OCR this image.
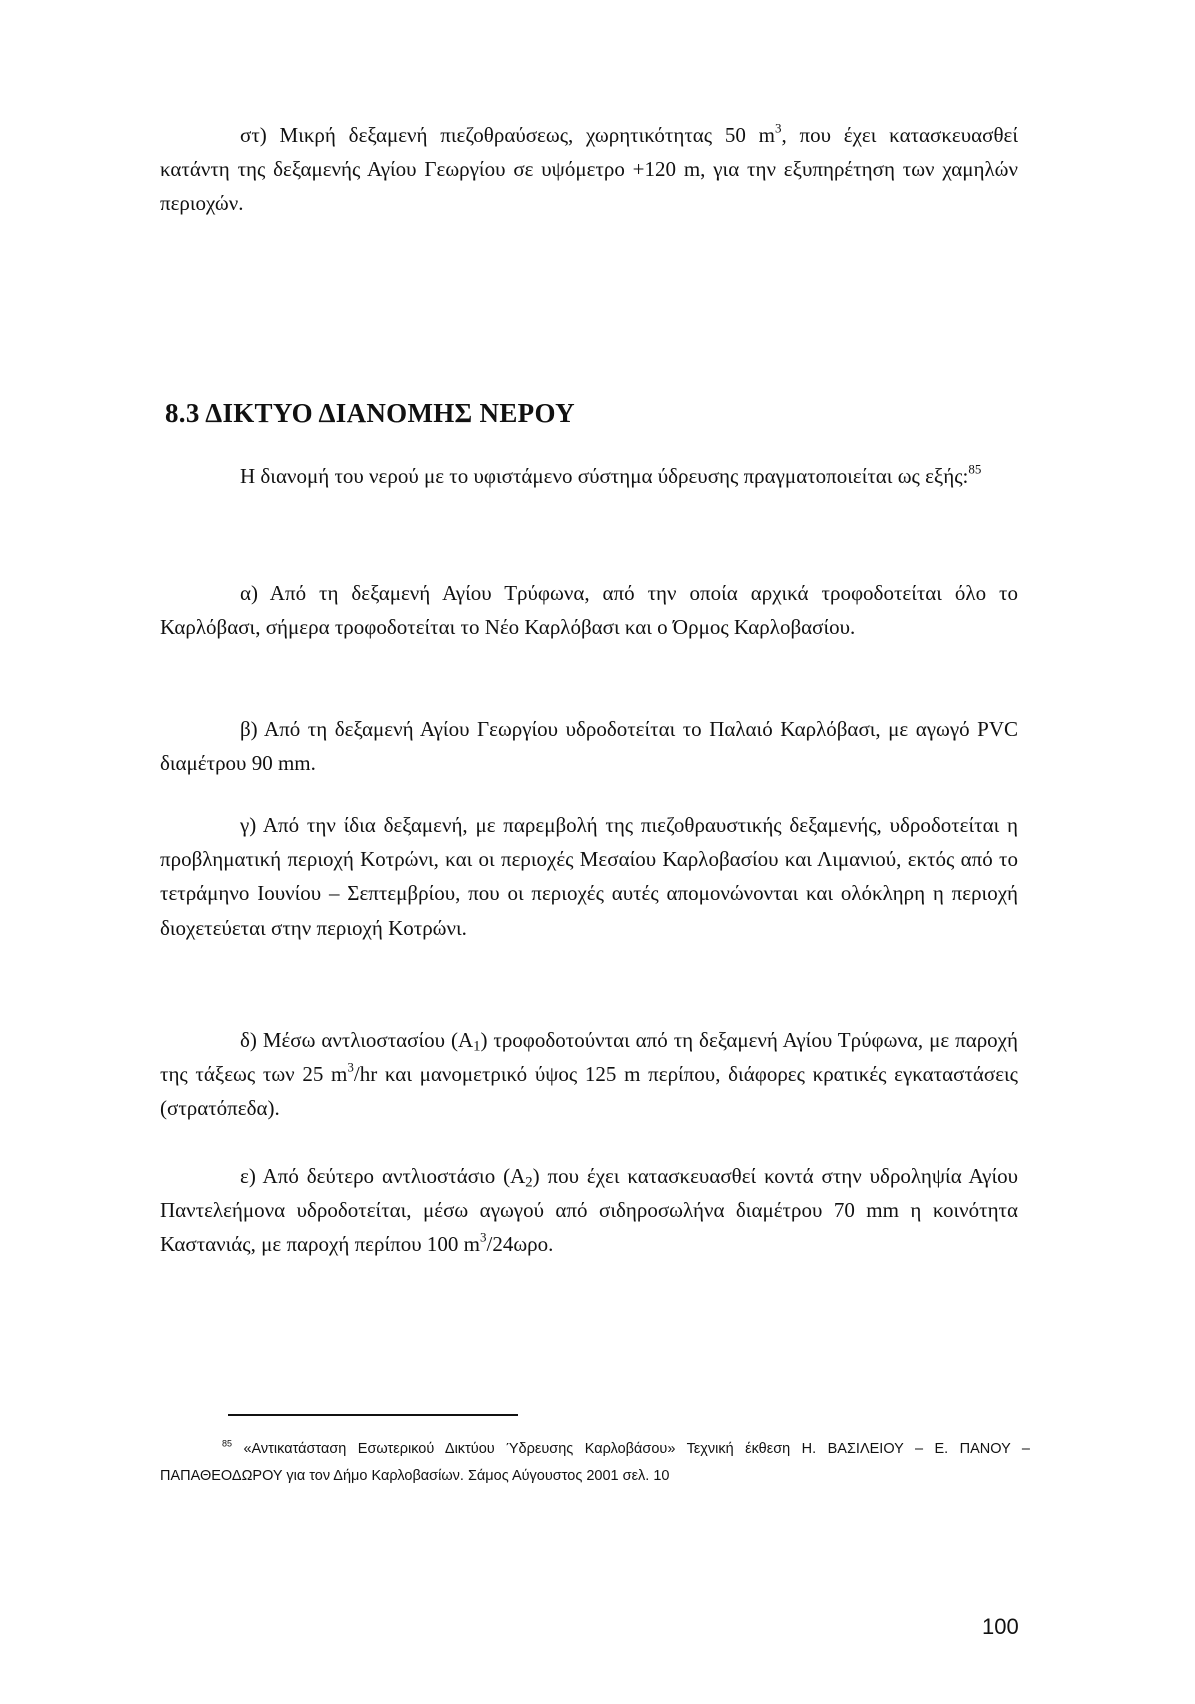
στ) Μικρή δεξαμενή πιεζοθραύσεως, χωρητικότητας 50 $m^3$, που έχει κατασκευασθεί κατάντη της δεξαμενής Αγίου Γεωργίου σε υψόμετρο +120 m, για την εξυπηρέτηση των χαμηλών περιοχών.

8.3 ΔΙΚΤΥΟ ΔΙΑΝΟΜΗΣ ΝΕΡΟΥ

Η διανομή του νερού με το υφιστάμενο σύστημα ύδρευσης πραγματοποιείται ως εξής:$^{85}$

α) Από τη δεξαμενή Αγίου Τρύφωνα, από την οποία αρχικά τροφοδοτείται όλο το Καρλόβασι, σήμερα τροφοδοτείται το Νέο Καρλόβασι και ο Όρμος Καρλοβασίου.

β) Από τη δεξαμενή Αγίου Γεωργίου υδροδοτείται το Παλαιό Καρλόβασι, με αγωγό PVC διαμέτρου 90 mm.

γ) Από την ίδια δεξαμενή, με παρεμβολή της πιεζοθραυστικής δεξαμενής, υδροδοτείται η προβληματική περιοχή Κοτρώνι, και οι περιοχές Μεσαίου Καρλοβασίου και Λιμανιού, εκτός από το τετράμηνο Ιουνίου – Σεπτεμβρίου, που οι περιοχές αυτές απομονώνονται και ολόκληρη η περιοχή διοχετεύεται στην περιοχή Κοτρώνι.

δ) Μέσω αντλιοστασίου $(A_1)$ τροφοδοτούνται από τη δεξαμενή Αγίου Τρύφωνα, με παροχή της τάξεως των 25 $m^3/hr$ και μανομετρικό ύψος 125 m περίπου, διάφορες κρατικές εγκαταστάσεις (στρατόπεδα).

ε) Από δεύτερο αντλιοστάσιο $(A_2)$ που έχει κατασκευασθεί κοντά στην υδροληψία Αγίου Παντελεήμονα υδροδοτείται, μέσω αγωγού από σιδηροσωλήνα διαμέτρου 70 mm η κοινότητα Καστανιάς, με παροχή περίπου 100 $m^3/24\omega\rho o$.

$^{85}$ «Αντικατάσταση Εσωτερικού Δικτύου Ύδρευσης Καρλοβάσου» Τεχνική έκθεση Η. ΒΑΣΙΛΕΙΟΥ – Ε. ΠΑΝΟΥ – ΠΑΠΑΘΕΟΔΩΡΟΥ για τον Δήμο Καρλοβασίων. Σάμος Αύγουστος 2001 σελ. 10

100
